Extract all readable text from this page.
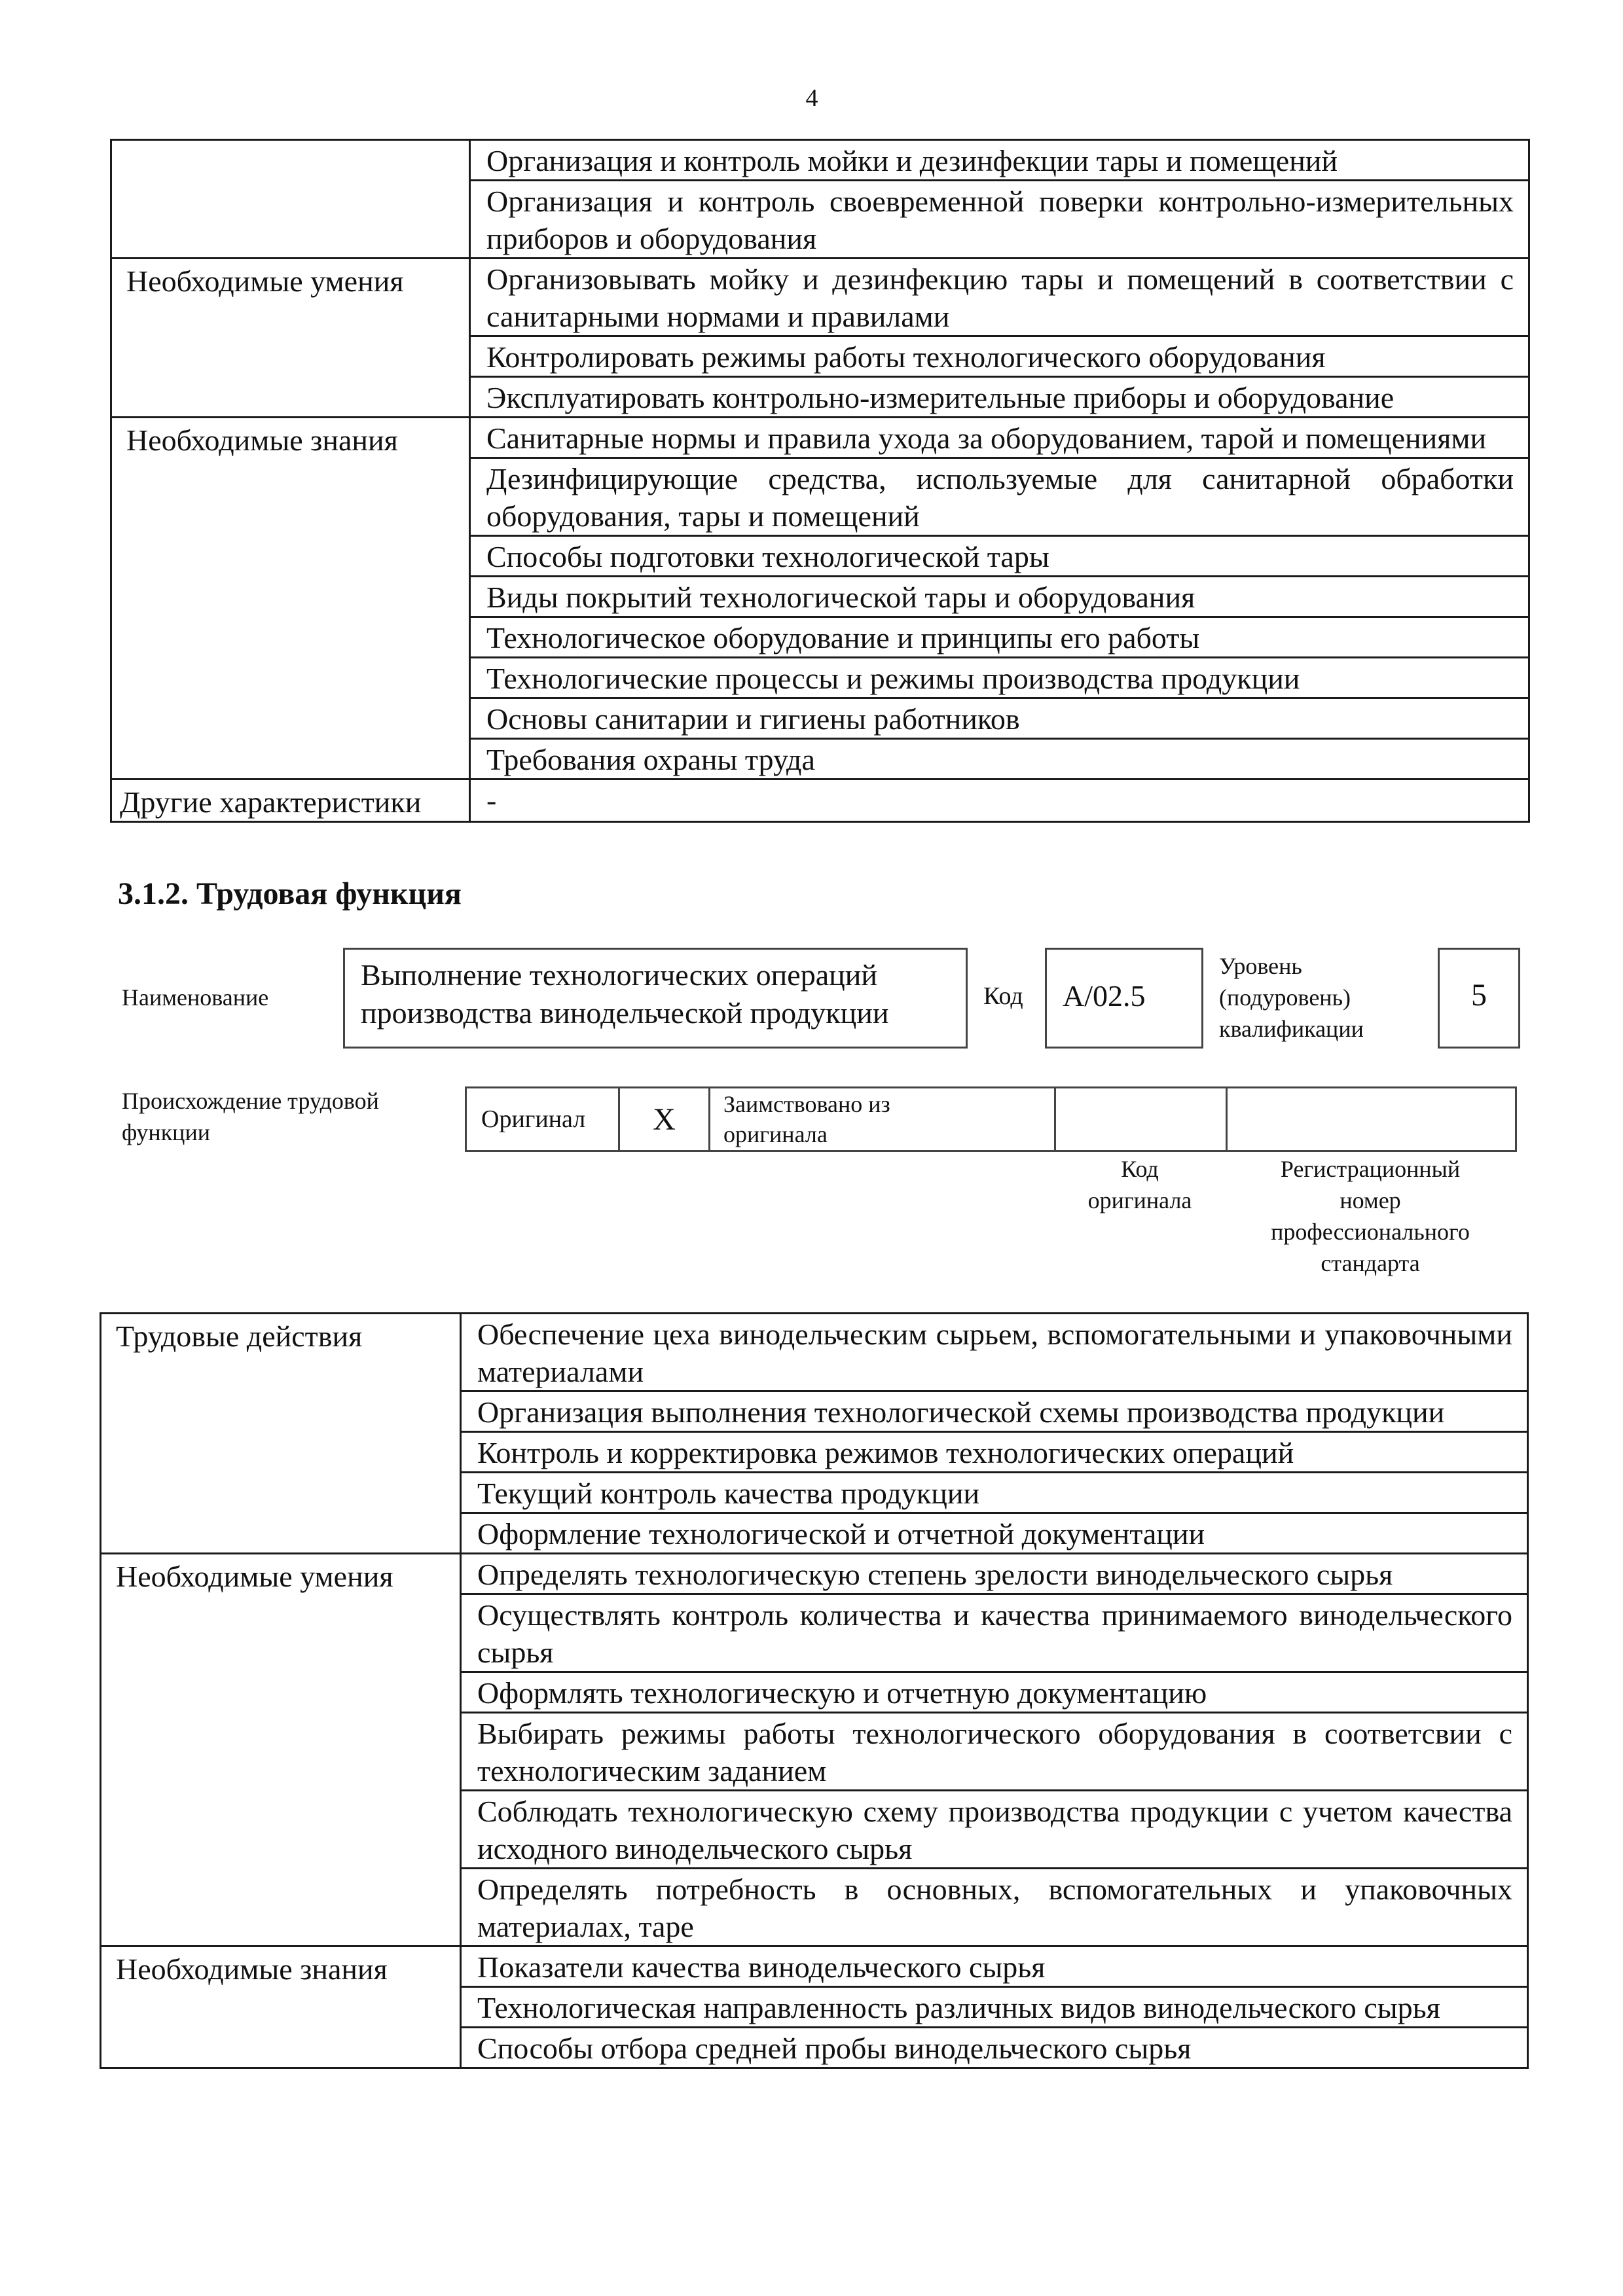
4
	Организация и контроль мойки и дезинфекции тары и помещений
	Организация и контроль своевременной поверки контрольно-измерительных приборов и оборудования
Необходимые умения	Организовывать мойку и дезинфекцию тары и помещений в соответствии с санитарными нормами и правилами
	Контролировать режимы работы технологического оборудования
	Эксплуатировать контрольно-измерительные приборы и оборудование
Необходимые знания	Санитарные нормы и правила ухода за оборудованием, тарой и помещениями
	Дезинфицирующие средства, используемые для санитарной обработки оборудования, тары и помещений
	Способы подготовки технологической тары
	Виды покрытий технологической тары и оборудования
	Технологическое оборудование и принципы его работы
	Технологические процессы и режимы производства продукции
	Основы санитарии и гигиены работников
	Требования охраны труда
Другие характеристики	-
3.1.2. Трудовая функция
Наименование
Выполнение технологических операций
производства винодельческой продукции	Код A/02.5
Уровень
(подуровень)
квалификации
5
Происхождение трудовой
функции	Оригинал	X	Заимствовано из
оригинала

Код
оригинала
Регистрационный
номер
профессионального
стандарта
Трудовые действия	Обеспечение цеха винодельческим сырьем, вспомогательными и упаковочными материалами
	Организация выполнения технологической схемы производства продукции
	Контроль и корректировка режимов технологических операций
	Текущий контроль качества продукции
	Оформление технологической и отчетной документации
Необходимые умения	Определять технологическую степень зрелости винодельческого сырья
	Осуществлять контроль количества и качества принимаемого винодельческого сырья
	Оформлять технологическую и отчетную документацию
	Выбирать режимы работы технологического оборудования в соответсвии с технологическим заданием
	Соблюдать технологическую схему производства продукции с учетом качества исходного винодельческого сырья
	Определять потребность в основных, вспомогательных и упаковочных материалах, таре
Необходимые знания	Показатели качества винодельческого сырья
	Технологическая направленность различных видов винодельческого сырья
	Способы отбора средней пробы винодельческого сырья
